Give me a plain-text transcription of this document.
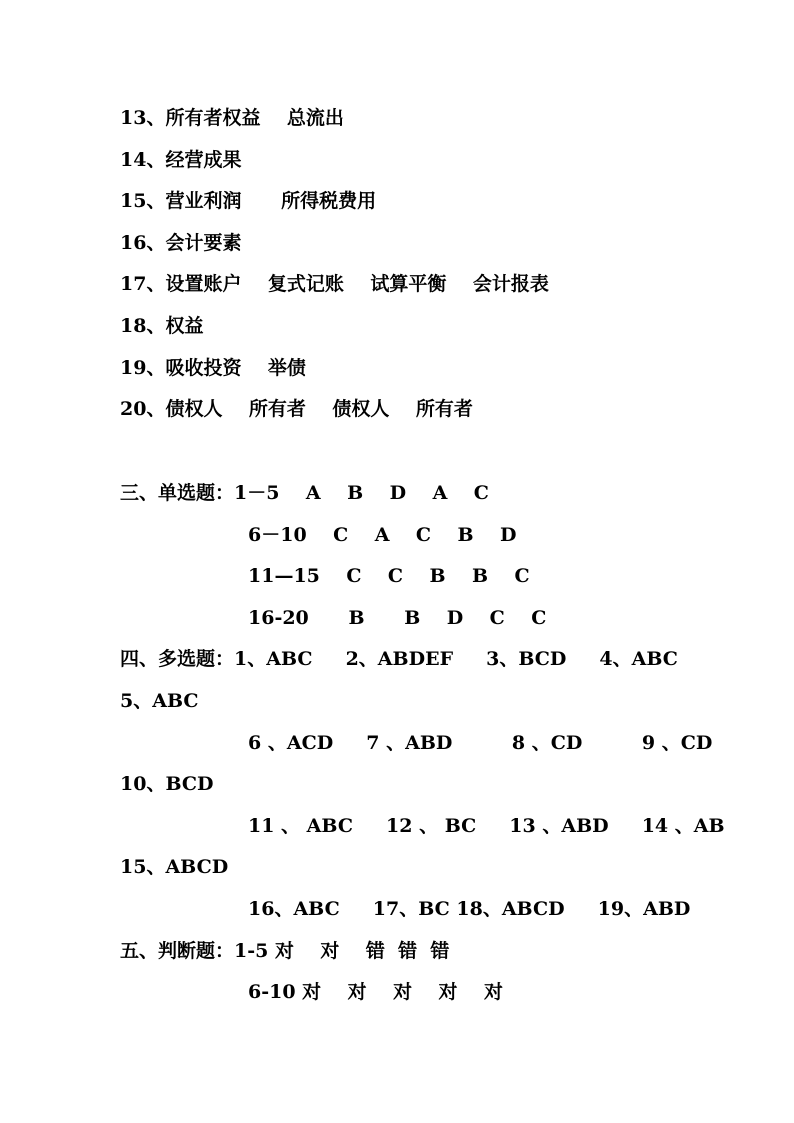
13、所有者权益    总流出
14、经营成果
15、营业利润      所得税费用
16、会计要素
17、设置账户    复式记账    试算平衡    会计报表
18、权益
19、吸收投资    举债
20、债权人    所有者    债权人    所有者
三、单选题：1－5    A    B    D    A    C
6－10    C    A    C    B    D
11—15    C    C    B    B    C
16-20      B      B    D    C    C
四、多选题：1、ABC     2、ABDEF     3、BCD     4、ABC
5、ABC
6 、ACD     7 、ABD         8 、CD         9 、CD
10、BCD
11 、 ABC     12 、 BC     13 、ABD     14 、AB
15、ABCD
16、ABC     17、BC 18、ABCD     19、ABD
五、判断题：1-5 对    对    错  错  错
6-10 对    对    对    对    对
